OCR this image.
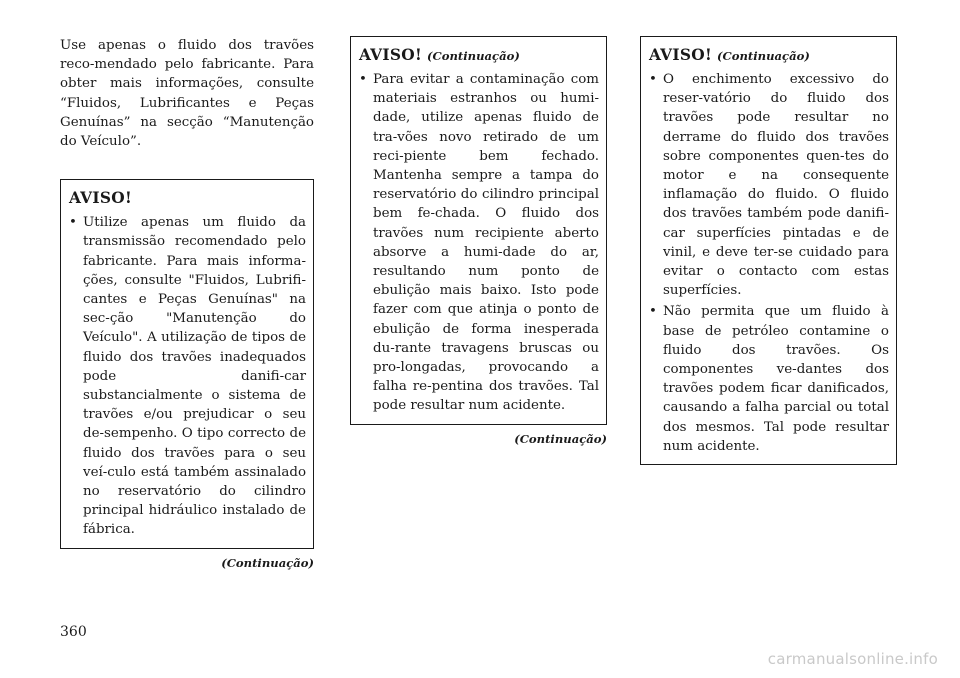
Use apenas o fluido dos travões reco-mendado pelo fabricante. Para obter mais informações, consulte “Fluidos, Lubrificantes e Peças Genuínas” na secção “Manutenção do Veículo”.

AVISO!
• Utilize apenas um fluido da transmissão recomendado pelo fabricante. Para mais informa-ções, consulte "Fluidos, Lubrifi-cantes e Peças Genuínas" na sec-ção "Manutenção do Veículo". A utilização de tipos de fluido dos travões inadequados pode danifi-car substancialmente o sistema de travões e/ou prejudicar o seu de-sempenho. O tipo correcto de fluido dos travões para o seu veí-culo está também assinalado no reservatório do cilindro principal hidráulico instalado de fábrica.
(Continuação)
AVISO! (Continuação)
• Para evitar a contaminação com materiais estranhos ou humi-dade, utilize apenas fluido de tra-vões novo retirado de um reci-piente bem fechado. Mantenha sempre a tampa do reservatório do cilindro principal bem fe-chada. O fluido dos travões num recipiente aberto absorve a humi-dade do ar, resultando num ponto de ebulição mais baixo. Isto pode fazer com que atinja o ponto de ebulição de forma inesperada du-rante travagens bruscas ou pro-longadas, provocando a falha re-pentina dos travões. Tal pode resultar num acidente.
(Continuação)
AVISO! (Continuação)
• O enchimento excessivo do reser-vatório do fluido dos travões pode resultar no derrame do fluido dos travões sobre componentes quen-tes do motor e na consequente inflamação do fluido. O fluido dos travões também pode danifi-car superfícies pintadas e de vinil, e deve ter-se cuidado para evitar o contacto com estas superfícies.
• Não permita que um fluido à base de petróleo contamine o fluido dos travões. Os componentes ve-dantes dos travões podem ficar danificados, causando a falha parcial ou total dos mesmos. Tal pode resultar num acidente.
360
carmanualsonline.info
